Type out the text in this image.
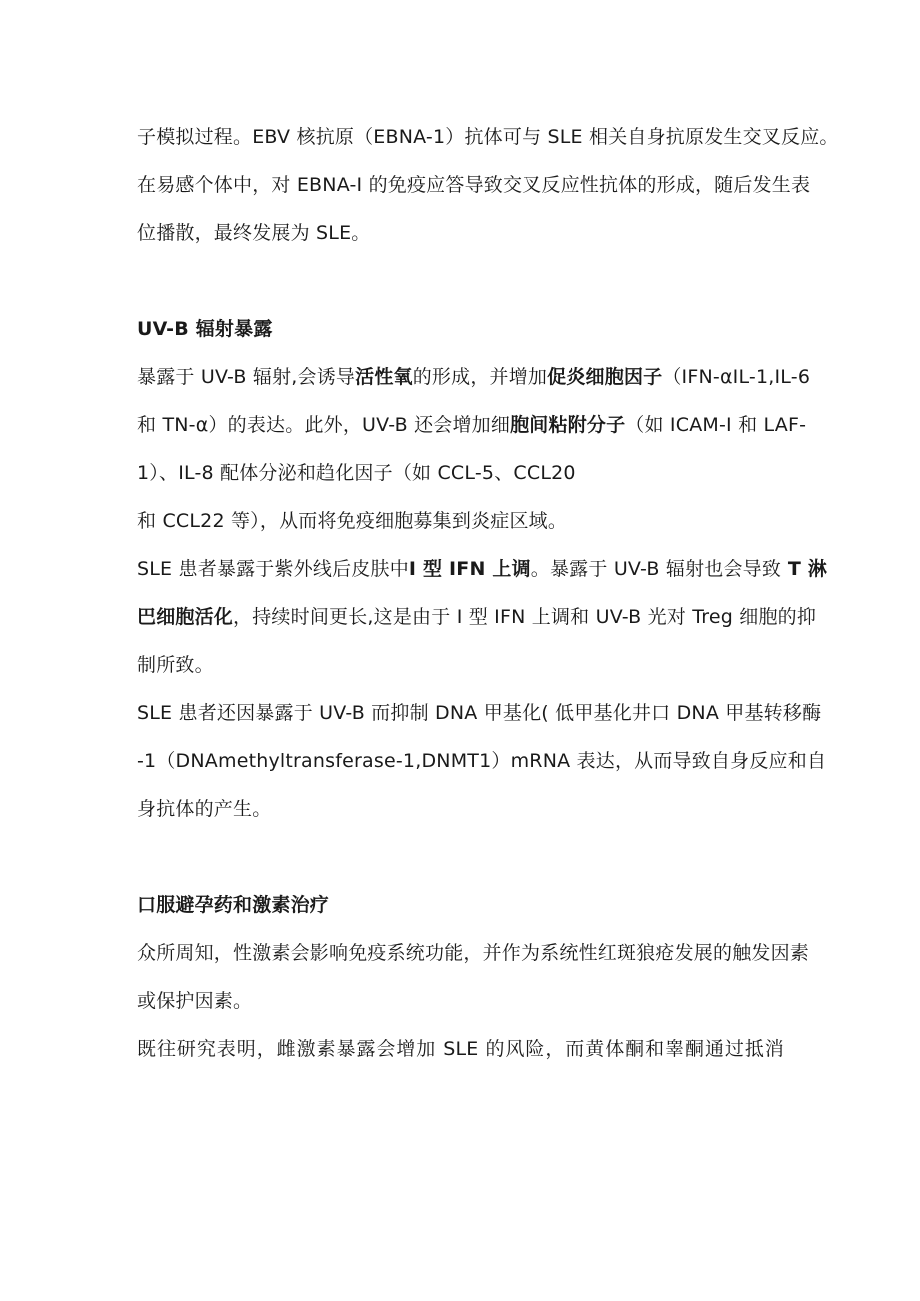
子模拟过程。EBV 核抗原（EBNA-1）抗体可与 SLE 相关自身抗原发生交叉反应。
在易感个体中，对 EBNA-I 的免疫应答导致交叉反应性抗体的形成，随后发生表
位播散，最终发展为 SLE。
UV-B 辐射暴露
暴露于 UV-B 辐射,会诱导活性氧的形成，并增加促炎细胞因子（IFN-αIL-1,IL-6
和 TN-α）的表达。此外，UV-B 还会增加细胞间粘附分子（如 ICAM-I 和 LAF-
1）、IL-8 配体分泌和趋化因子（如 CCL-5、CCL20
和 CCL22 等），从而将免疫细胞募集到炎症区域。
SLE 患者暴露于紫外线后皮肤中I 型 IFN 上调。暴露于 UV-B 辐射也会导致 T 淋
巴细胞活化，持续时间更长,这是由于 I 型 IFN 上调和 UV-B 光对 Treg 细胞的抑
制所致。
SLE 患者还因暴露于 UV-B 而抑制 DNA 甲基化( 低甲基化井口 DNA 甲基转移酶
-1（DNAmethyltransferase-1,DNMT1）mRNA 表达，从而导致自身反应和自
身抗体的产生。
口服避孕药和激素治疗
众所周知，性激素会影响免疫系统功能，并作为系统性红斑狼疮发展的触发因素
或保护因素。
既往研究表明，雌激素暴露会增加 SLE 的风险，而黄体酮和睾酮通过抵消
